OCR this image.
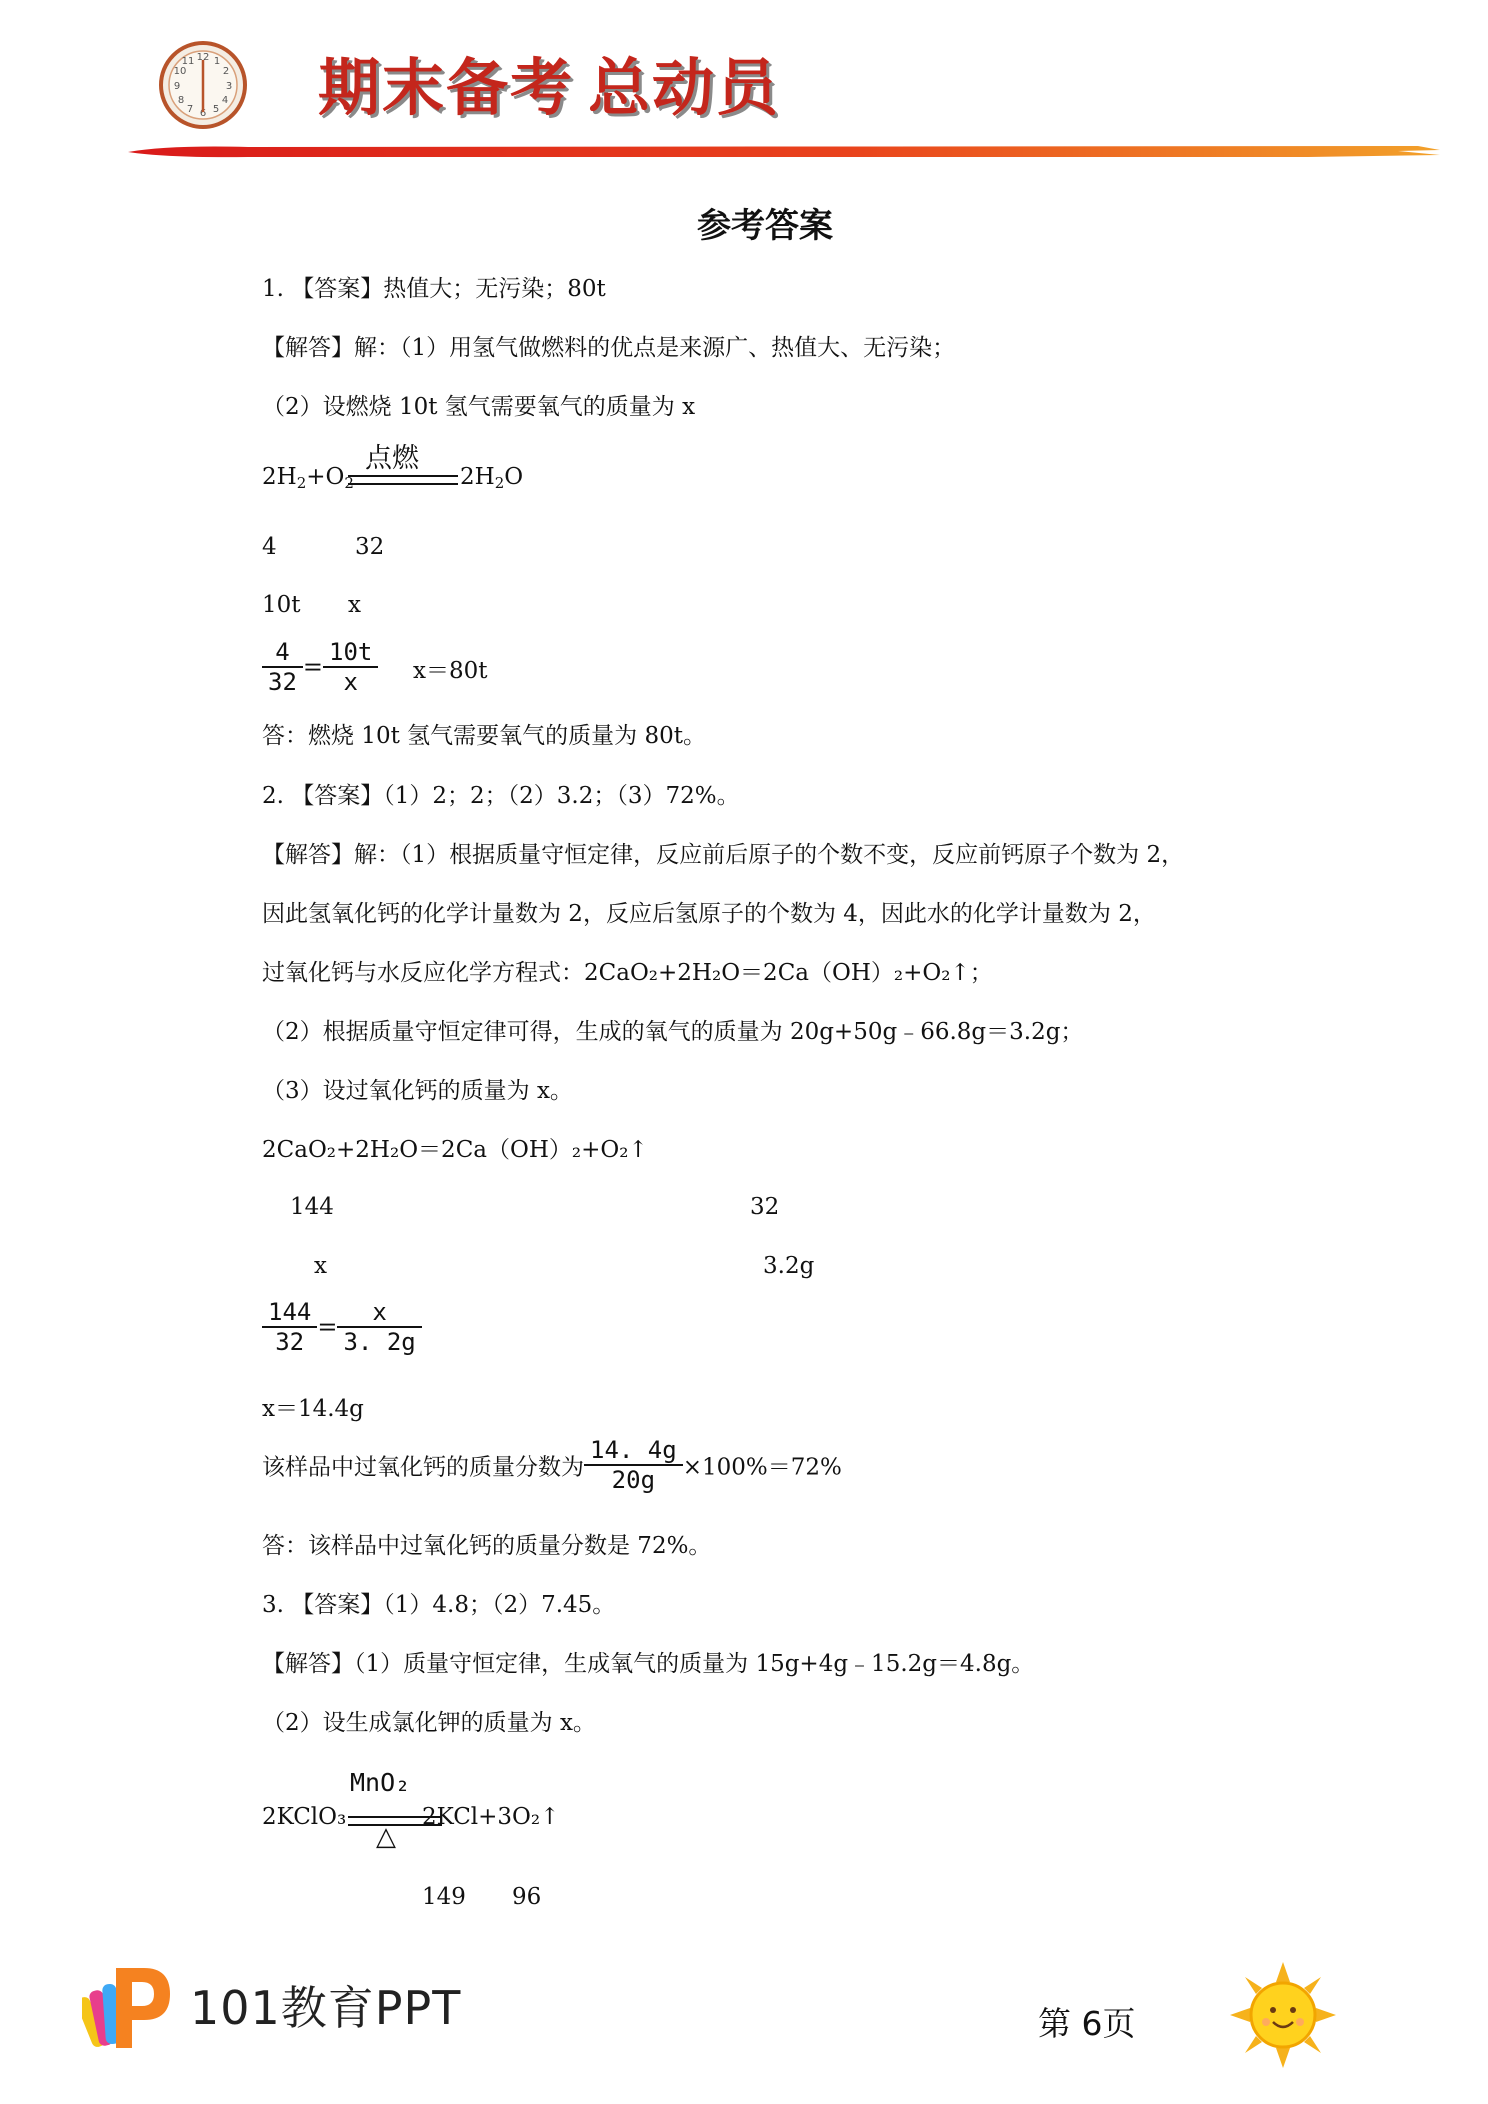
12 1
2
3
4
5
6
7
8
9
10
11 期末备考 总动员
参考答案
1. 【答案】热值大；无污染；80t
【解答】解：（1）用氢气做燃料的优点是来源广、热值大、无污染；
（2）设燃烧 10t 氢气需要氧气的质量为 x
$2H_2+O_2$
点燃
$2H_2O$
4	32
10t x
$\frac{4}{32} = \frac{10t}{x} x=80t$
答：燃烧 10t 氢气需要氧气的质量为 80t。
2. 【答案】（1）2；2；（2）3.2；（3）72%。
【解答】解：（1）根据质量守恒定律，反应前后原子的个数不变，反应前钙原子个数为 2，
因此氢氧化钙的化学计量数为 2，反应后氢原子的个数为 4，因此水的化学计量数为 2，
过氧化钙与水反应化学方程式：2CaO₂+2H₂O＝2Ca（OH）₂+O₂↑；
（2）根据质量守恒定律可得，生成的氧气的质量为 20g+50g﹣66.8g＝3.2g；
（3）设过氧化钙的质量为 x。
2CaO₂+2H₂O＝2Ca（OH）₂+O₂↑
144	32
x	3.2g
$\frac{144}{32} = \frac{x}{3. 2g}$
x＝14.4g
该样品中过氧化钙的质量分数为 $\frac{14. 4g}{20g} \times 100\%=72\%$
答：该样品中过氧化钙的质量分数是 72%。
3. 【答案】（1）4.8；（2）7.45。
【解答】（1）质量守恒定律，生成氧气的质量为 15g+4g﹣15.2g＝4.8g。
（2）设生成氯化钾的质量为 x。
2KClO₃
MnO₂
△
2KCl+3O₂↑
149 96
101教育PPT	第 6页
